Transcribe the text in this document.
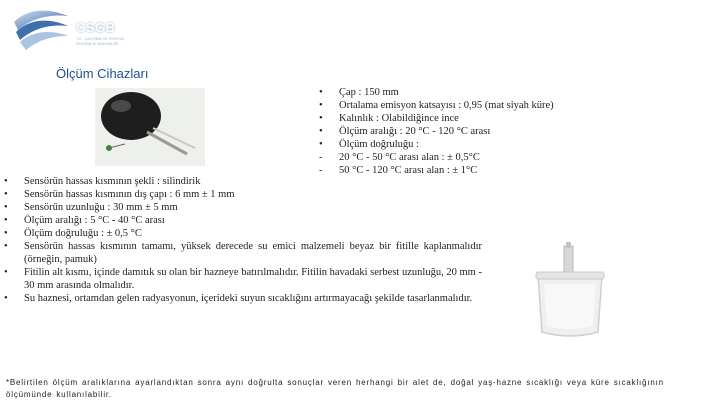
CSGB
T.C. ÇALIŞMA VE SOSYAL GÜVENLİK BAKANLIĞI
Ölçüm Cihazları
• Çap : 150 mm
• Ortalama emisyon katsayısı : 0,95 (mat siyah küre)
• Kalınlık : Olabildiğince ince
• Ölçüm aralığı : 20 °C - 120 °C arası
• Ölçüm doğruluğu :
- 20 °C - 50 °C arası alan : ± 0,5°C
- 50 °C - 120 °C arası alan : ± 1°C
• Sensörün hassas kısmının şekli : silindirik
• Sensörün hassas kısmının dış çapı : 6 mm ± 1 mm
• Sensörün uzunluğu : 30 mm ± 5 mm
• Ölçüm aralığı : 5 °C - 40 °C arası
• Ölçüm doğruluğu : ± 0,5 °C
• Sensörün hassas kısmının tamamı, yüksek derecede su emici malzemeli beyaz bir fitille kaplanmalıdır (örneğin, pamuk)
• Fitilin alt kısmı, içinde damıtık su olan bir hazneye batırılmalıdır. Fitilin havadaki serbest uzunluğu, 20 mm - 30 mm arasında olmalıdır.
• Su haznesi, ortamdan gelen radyasyonun, içerideki suyun sıcaklığını artırmayacağı şekilde tasarlanmalıdır.
*Belirtilen ölçüm aralıklarına ayarlandıktan sonra aynı doğrulta sonuçlar veren herhangi bir alet de, doğal yaş-hazne sıcaklığı veya küre sıcaklığının ölçümünde kullanılabilir.
